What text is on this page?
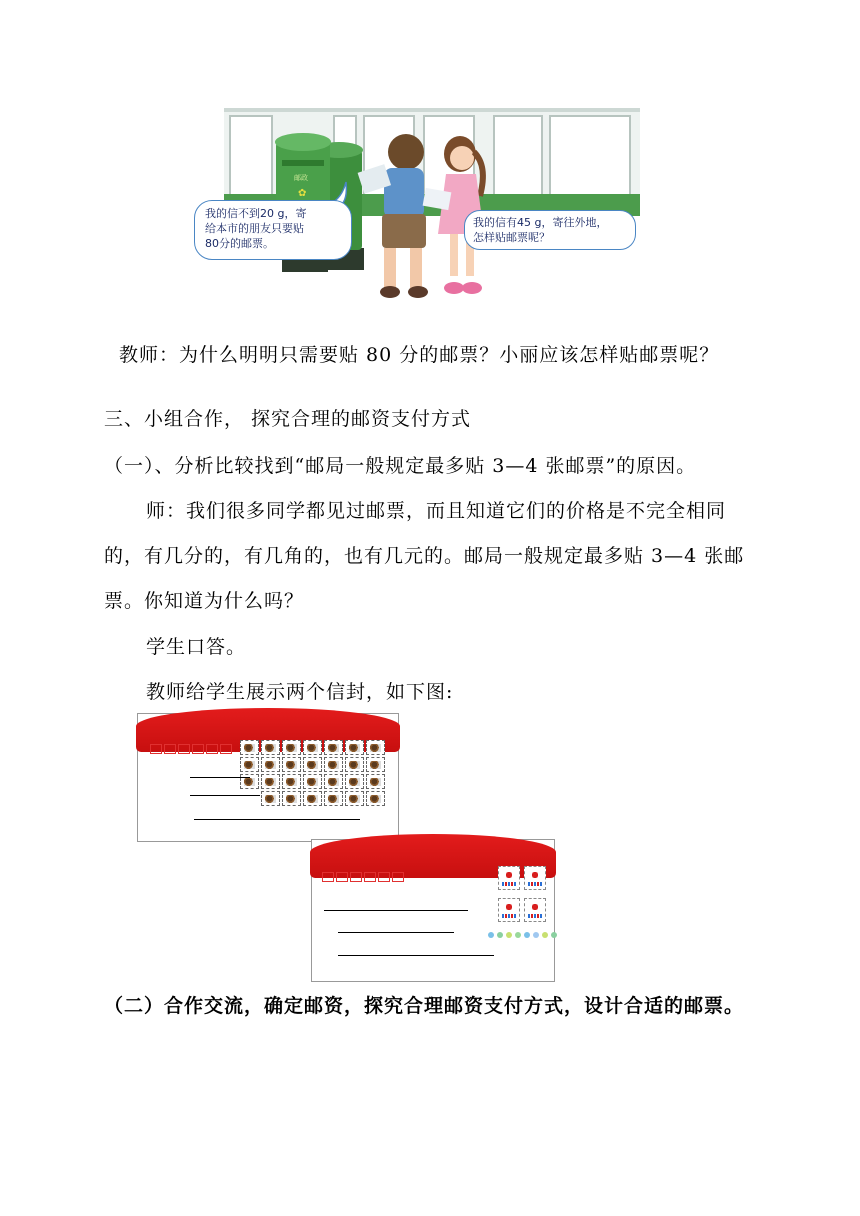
邮政
✿
我的信不到20 g，寄
给本市的朋友只要贴
80分的邮票。
我的信有45 g，寄往外地，
怎样贴邮票呢？
教师：为什么明明只需要贴 80 分的邮票？小丽应该怎样贴邮票呢？
三、小组合作， 探究合理的邮资支付方式
（一）、分析比较找到“邮局一般规定最多贴 3—4 张邮票”的原因。
师：我们很多同学都见过邮票，而且知道它们的价格是不完全相同
的，有几分的，有几角的，也有几元的。邮局一般规定最多贴 3—4 张邮
票。你知道为什么吗？
学生口答。
教师给学生展示两个信封，如下图:
（二）合作交流，确定邮资，探究合理邮资支付方式，设计合适的邮票。
